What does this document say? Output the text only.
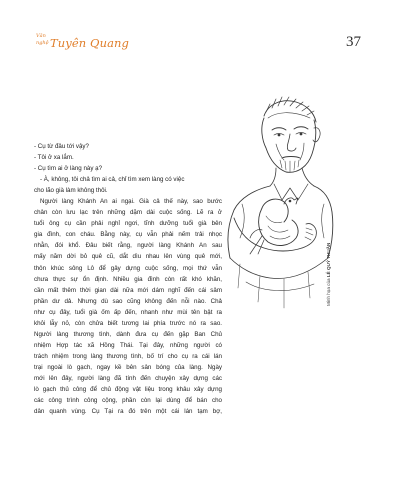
Văn
nghệ Tuyên Quang	37
Minh họa của LÊ QUÝ THUẦN
- Cụ từ đâu tới vậy?
- Tôi ở xa lắm.
- Cụ tìm ai ở làng này ạ?
- À, không, tôi chả tìm ai cả, chỉ tìm xem làng có việc
cho lão già làm không thôi.
Người làng Khánh An ai ngại. Già cả thế này, sao bước
chân còn lưu lạc trên những dặm dài cuộc sống. Lẽ ra ở
tuổi ông cụ cần phải nghỉ ngơi, tĩnh dưỡng tuổi già bên
gia đình, con cháu. Bằng này, cụ vẫn phải nếm trải nhọc
nhằn, đói khổ. Đâu biết rằng, người làng Khánh An sau
mấy năm dời bỏ quê cũ, dắt dìu nhau lên vùng quê mới,
thôn khúc sông Lô để gây dựng cuộc sống, mọi thứ vẫn
chưa thực sự ổn định. Nhiều gia đình còn rất khó khăn,
cần mất thêm thời gian dài nữa mới dám nghĩ đến cái sâm
phần dư dả. Nhưng dù sao cũng không đến nỗi nào. Chả
như cụ đây, tuổi già ốm ấp đến, nhanh như mùi tên bật ra
khỏi lẫy nỏ, còn chửa biết tương lai phía trước nó ra sao.
Người làng thương tình, dành đưa cụ đến gặp Ban Chủ
nhiệm Hợp tác xã Hồng Thái. Tại đây, những người có
trách nhiệm trong làng thương tình, bố trí cho cụ ra cái lán
trại ngoài lò gạch, ngay kề bên sân bóng của làng. Ngày
mới lên đây, người làng đã tính đến chuyện xây dựng các
lò gạch thủ công để chủ động vật liệu trong khâu xây dựng
các công trình công cộng, phần còn lại dùng để bán cho
dân quanh vùng. Cụ Tại ra đó trên một cái lán tạm bợ,
